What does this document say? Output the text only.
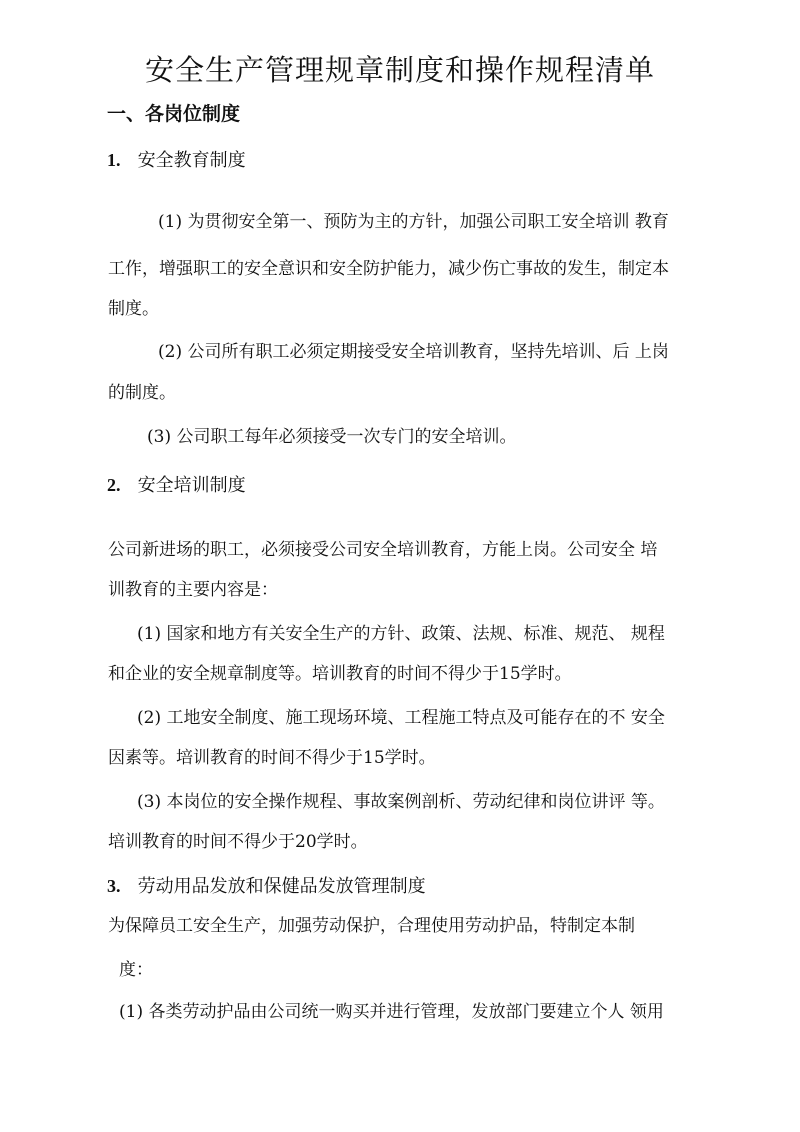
安全生产管理规章制度和操作规程清单
一、各岗位制度
1. 安全教育制度
(1) 为贯彻安全第一、预防为主的方针，加强公司职工安全培训 教育
工作，增强职工的安全意识和安全防护能力，减少伤亡事故的发生，制定本
制度。
(2) 公司所有职工必须定期接受安全培训教育，坚持先培训、后 上岗
的制度。
(3) 公司职工每年必须接受一次专门的安全培训。
2. 安全培训制度
公司新进场的职工，必须接受公司安全培训教育，方能上岗。公司安全 培
训教育的主要内容是：
(1) 国家和地方有关安全生产的方针、政策、法规、标准、规范、 规程
和企业的安全规章制度等。培训教育的时间不得少于15学时。
(2) 工地安全制度、施工现场环境、工程施工特点及可能存在的不 安全
因素等。培训教育的时间不得少于15学时。
(3) 本岗位的安全操作规程、事故案例剖析、劳动纪律和岗位讲评 等。
培训教育的时间不得少于20学时。
3. 劳动用品发放和保健品发放管理制度
为保障员工安全生产，加强劳动保护，合理使用劳动护品，特制定本制
度：
(1) 各类劳动护品由公司统一购买并进行管理，发放部门要建立个人 领用
